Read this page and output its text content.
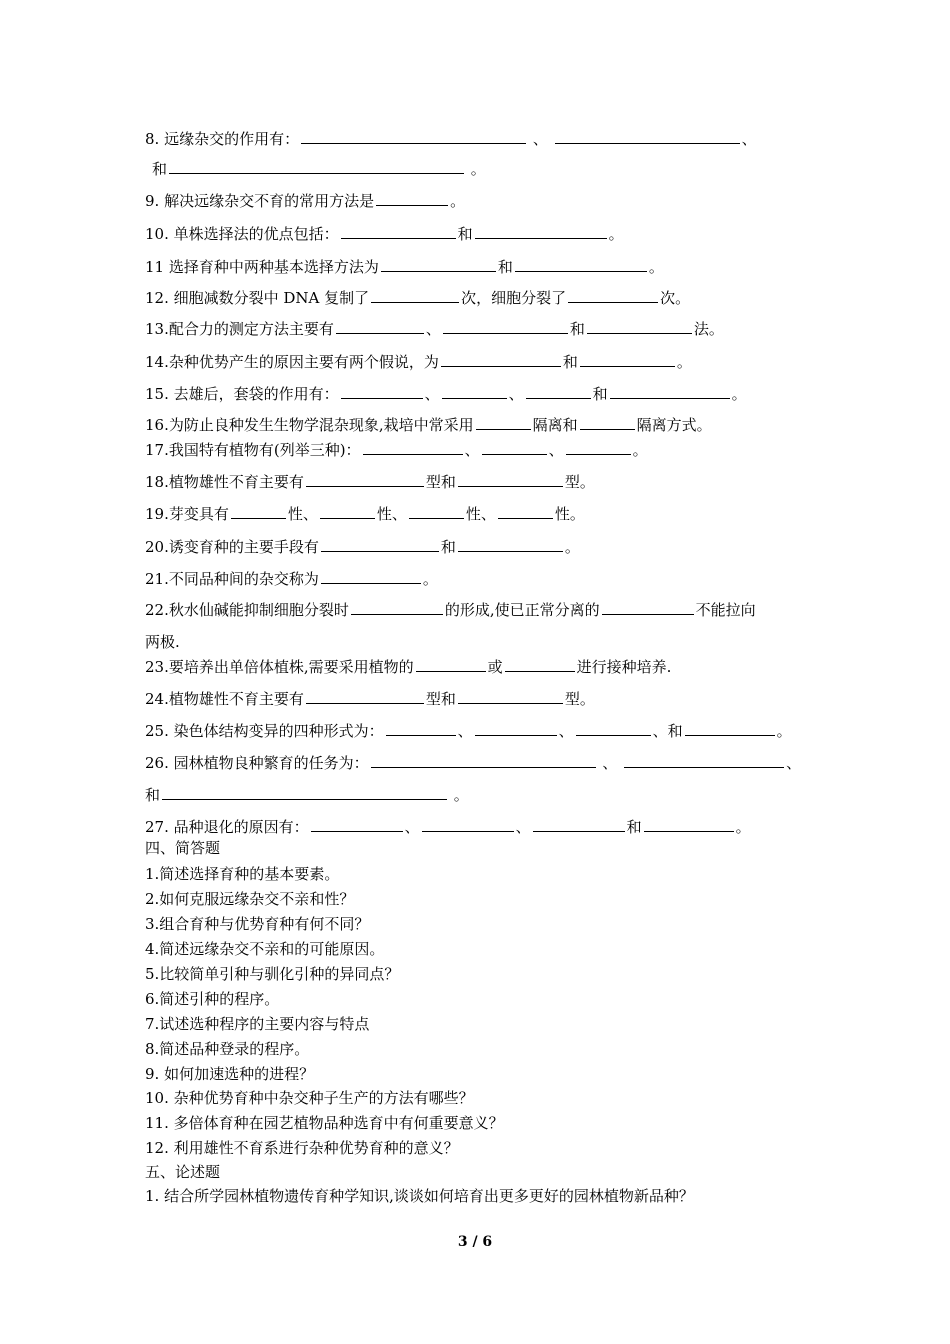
8. 远缘杂交的作用有：	、	、
和	。
9. 解决远缘杂交不育的常用方法是	。
10. 单株选择法的优点包括：	和	。
11 选择育种中两种基本选择方法为	和	。
12. 细胞减数分裂中 DNA 复制了	次，细胞分裂了	次。
13.配合力的测定方法主要有	、	和	法。
14.杂种优势产生的原因主要有两个假说，为	和	。
15. 去雄后，套袋的作用有：	、	、	和	。
16.为防止良种发生生物学混杂现象,栽培中常采用	隔离和	隔离方式。
17.我国特有植物有(列举三种)：	、	、	。
18.植物雄性不育主要有	型和	型。
19.芽变具有	性、	性、	性、	性。
20.诱变育种的主要手段有	和	。
21.不同品种间的杂交称为	。
22.秋水仙碱能抑制细胞分裂时	的形成,使已正常分离的	不能拉向
两极.
23.要培养出单倍体植株,需要采用植物的	或	进行接种培养.
24.植物雄性不育主要有	型和	型。
25. 染色体结构变异的四种形式为：	、	、	、和	。
26. 园林植物良种繁育的任务为：	、	、
和	。
27. 品种退化的原因有：	、	、	和	。
四、简答题
1.简述选择育种的基本要素。
2.如何克服远缘杂交不亲和性？
3.组合育种与优势育种有何不同？
4.简述远缘杂交不亲和的可能原因。
5.比较简单引种与驯化引种的异同点？
6.简述引种的程序。
7.试述选种程序的主要内容与特点
8.简述品种登录的程序。
9. 如何加速选种的进程？
10. 杂种优势育种中杂交种子生产的方法有哪些？
11. 多倍体育种在园艺植物品种选育中有何重要意义？
12. 利用雄性不育系进行杂种优势育种的意义？
五、论述题
1. 结合所学园林植物遗传育种学知识,谈谈如何培育出更多更好的园林植物新品种？
3 / 6
